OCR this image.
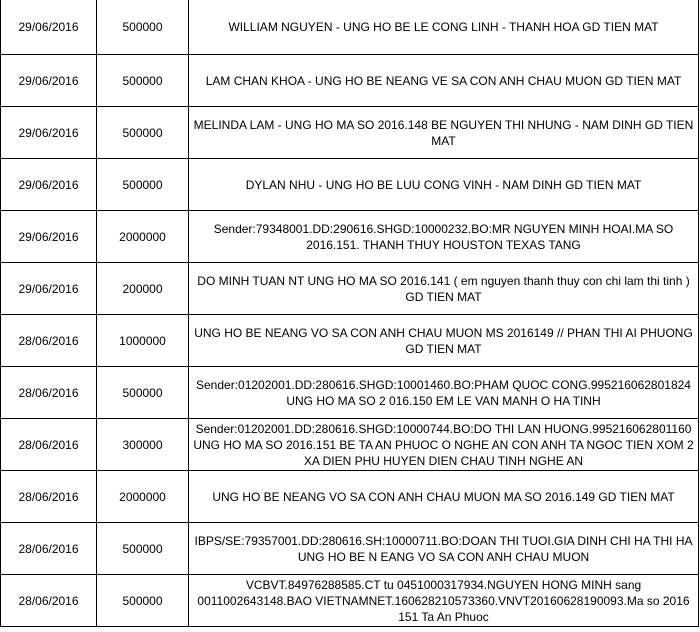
29/06/2016	500000	WILLIAM NGUYEN - UNG HO BE LE CONG LINH - THANH HOA GD TIEN MAT
29/06/2016	500000	LAM CHAN KHOA - UNG HO BE NEANG VE SA CON ANH CHAU MUON GD TIEN MAT
29/06/2016	500000	MELINDA LAM - UNG HO MA SO 2016.148 BE NGUYEN THI NHUNG - NAM DINH GD TIEN MAT
29/06/2016	500000	DYLAN NHU - UNG HO BE LUU CONG VINH - NAM DINH GD TIEN MAT
29/06/2016	2000000	Sender:79348001.DD:290616.SHGD:10000232.BO:MR NGUYEN MINH HOAI.MA SO 2016.151. THANH THUY HOUSTON TEXAS TANG
29/06/2016	200000	DO MINH TUAN NT UNG HO MA SO 2016.141 ( em nguyen thanh thuy con chi lam thi tinh ) GD TIEN MAT
28/06/2016	1000000	UNG HO BE NEANG VO SA CON ANH CHAU MUON MS 2016149 // PHAN THI AI PHUONG GD TIEN MAT
28/06/2016	500000	Sender:01202001.DD:280616.SHGD:10001460.BO:PHAM QUOC CONG.995216062801824 UNG HO MA SO 2 016.150 EM LE VAN MANH O HA TINH
28/06/2016	300000	Sender:01202001.DD:280616.SHGD:10000744.BO:DO THI LAN HUONG.995216062801160 UNG HO MA SO 2016.151 BE TA AN PHUOC O NGHE AN CON ANH TA NGOC TIEN XOM 2 XA DIEN PHU HUYEN DIEN CHAU TINH NGHE AN
28/06/2016	2000000	UNG HO BE NEANG VO SA CON ANH CHAU MUON MA SO 2016.149 GD TIEN MAT
28/06/2016	500000	IBPS/SE:79357001.DD:280616.SH:10000711.BO:DOAN THI TUOI.GIA DINH CHI HA THI HA UNG HO BE N EANG VO SA CON ANH CHAU MUON
28/06/2016	500000	VCBVT.84976288585.CT tu 0451000317934.NGUYEN HONG MINH sang 0011002643148.BAO VIETNAMNET.160628210573360.VNVT20160628190093.Ma so 2016 151 Ta An Phuoc
